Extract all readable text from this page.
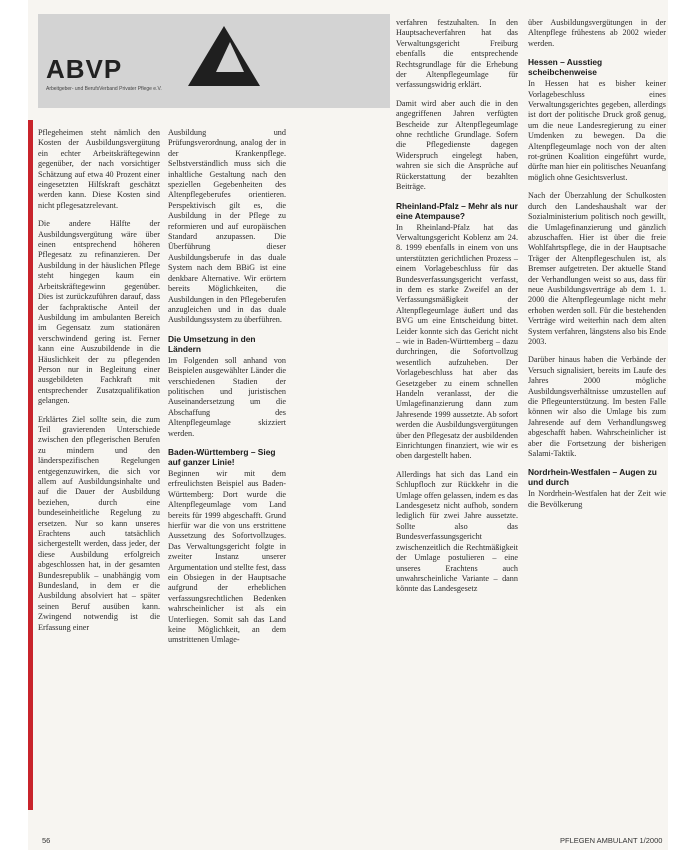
ABVP
Arbeitgeber- und BerufsVerband Privater Pflege e.V.

Pflegeheimen steht nämlich den Kosten der Ausbildungsvergütung ein echter Arbeitskräftegewinn gegenüber, der nach vorsichtiger Schätzung auf etwa 40 Prozent einer eingesetzten Hilfskraft geschätzt werden kann. Diese Kosten sind nicht pflegesatzrelevant.

Die andere Hälfte der Ausbildungsvergütung wäre über einen entsprechend höheren Pflegesatz zu refinanzieren. Der Ausbildung in der häuslichen Pflege steht hingegen kaum ein Arbeitskräftegewinn gegenüber. Dies ist zurückzuführen darauf, dass der fachpraktische Anteil der Ausbildung im ambulanten Bereich im Gegensatz zum stationären verschwindend gering ist. Ferner kann eine Auszubildende in die Häuslichkeit der zu pflegenden Person nur in Begleitung einer ausgebildeten Fachkraft mit entsprechender Zusatzqualifikation gelangen.

Erklärtes Ziel sollte sein, die zum Teil gravierenden Unterschiede zwischen den pflegerischen Berufen zu mindern und den länderspezifischen Regelungen entgegenzuwirken, die sich vor allem auf Ausbildungsinhalte und auf die Dauer der Ausbildung beziehen, durch eine bundeseinheitliche Regelung zu ersetzen. Nur so kann unseres Erachtens auch tatsächlich sichergestellt werden, dass jeder, der diese Ausbildung erfolgreich abgeschlossen hat, in der gesamten Bundesrepublik – unabhängig vom Bundesland, in dem er die Ausbildung absolviert hat – später seinen Beruf ausüben kann. Zwingend notwendig ist die Erfassung einer

Ausbildung und Prüfungsverordnung, analog der in der Krankenpflege. Selbstverständlich muss sich die inhaltliche Gestaltung nach den speziellen Gegebenheiten des Altenpflegeberufes orientieren. Perspektivisch gilt es, die Ausbildung in der Pflege zu reformieren und auf europäischen Standard anzupassen. Die Überführung dieser Ausbildungsberufe in das duale System nach dem BBiG ist eine denkbare Alternative. Wir erörtern bereits Möglichkeiten, die Ausbildungen in den Pflegeberufen anzugleichen und in das duale Ausbildungssystem zu überführen.

Die Umsetzung in den Ländern

Im Folgenden soll anhand von Beispielen ausgewählter Länder die verschiedenen Stadien der politischen und juristischen Auseinandersetzung um die Abschaffung des Altenpflegeumlage skizziert werden.

Baden-Württemberg – Sieg auf ganzer Linie!

Beginnen wir mit dem erfreulichsten Beispiel aus Baden-Württemberg: Dort wurde die Altenpflegeumlage vom Land bereits für 1999 abgeschafft. Grund hierfür war die von uns erstrittene Aussetzung des Sofortvollzuges. Das Verwaltungsgericht folgte in zweiter Instanz unserer Argumentation und stellte fest, dass ein Obsiegen in der Hauptsache aufgrund der erheblichen verfassungsrechtlichen Bedenken wahrscheinlicher ist als ein Unterliegen. Somit sah das Land keine Möglichkeit, an dem umstrittenen Umlage-

verfahren festzuhalten. In den Hauptsacheverfahren hat das Verwaltungsgericht Freiburg ebenfalls die entsprechende Rechtsgrundlage für die Erhebung der Altenpflegeumlage für verfassungswidrig erklärt.

Damit wird aber auch die in den angegriffenen Jahren verfügten Bescheide zur Altenpflegeumlage ohne rechtliche Grundlage. Sofern die Pflegedienste dagegen Widerspruch eingelegt haben, wahren sie sich die Ansprüche auf Rückerstattung der bezahlten Beiträge.

Rheinland-Pfalz – Mehr als nur eine Atempause?

In Rheinland-Pfalz hat das Verwaltungsgericht Koblenz am 24. 8. 1999 ebenfalls in einem von uns unterstützten gerichtlichen Prozess – einem Vorlagebeschluss für das Bundesverfassungsgericht verfasst, in dem es starke Zweifel an der Verfassungsmäßigkeit der Altenpflegeumlage äußert und das BVG um eine Entscheidung bittet. Leider konnte sich das Gericht nicht – wie in Baden-Württemberg – dazu durchringen, die Sofortvollzug wesentlich aufzuheben. Der Vorlagebeschluss hat aber das Gesetzgeber zu einem schnellen Handeln veranlasst, der die Umlagefinanzierung dann zum Jahresende 1999 aussetzte. Ab sofort werden die Ausbildungsvergütungen über den Pflegesatz der ausbildenden Einrichtungen finanziert, wie wir es oben dargestellt haben.

Allerdings hat sich das Land ein Schlupfloch zur Rückkehr in die Umlage offen gelassen, indem es das Landesgesetz nicht aufhob, sondern lediglich für zwei Jahre aussetzte. Sollte also das Bundesverfassungsgericht zwischenzeitlich die Rechtmäßigkeit der Umlage postulieren – eine unseres Erachtens auch unwahrscheinliche Variante – dann könnte das Landesgesetz

über Ausbildungsvergütungen in der Altenpflege frühestens ab 2002 wieder werden.

Hessen – Ausstieg scheibchenweise

In Hessen hat es bisher keiner Vorlagebeschluss eines Verwaltungsgerichtes gegeben, allerdings ist dort der politische Druck groß genug, um die neue Landesregierung zu einer Umdenken zu bewegen. Da die Altenpflegeumlage noch von der alten rot-grünen Koalition eingeführt wurde, dürfte man hier ein politisches Neuanfang möglich ohne Gesichtsverlust.

Nach der Überzahlung der Schulkosten durch den Landeshaushalt war der Sozialministerium politisch noch gewillt, die Umlagefinanzierung und gänzlich abzuschaffen. Hier ist über die freie Wohlfahrtspflege, die in der Hauptsache Träger der Altenpflegeschulen ist, als Bremser aufgetreten. Der aktuelle Stand der Verhandlungen weist so aus, dass für neue Ausbildungsverträge ab dem 1. 1. 2000 die Altenpflegeumlage nicht mehr erhoben werden soll. Für die bestehenden Verträge wird weiterhin nach dem alten System verfahren, längstens also bis Ende 2003.

Darüber hinaus haben die Verbände der Versuch signalisiert, bereits im Laufe des Jahres 2000 mögliche Ausbildungsverhältnisse umzustellen auf die Pflegeunterstützung. Im besten Falle können wir also die Umlage bis zum Jahresende auf dem Verhandlungsweg abgeschafft haben. Wahrscheinlicher ist aber die Fortsetzung der bisherigen Salami-Taktik.

Nordrhein-Westfalen – Augen zu und durch

In Nordrhein-Westfalen hat der Zeit wie die Bevölkerung

56	PFLEGEN AMBULANT 1/2000
